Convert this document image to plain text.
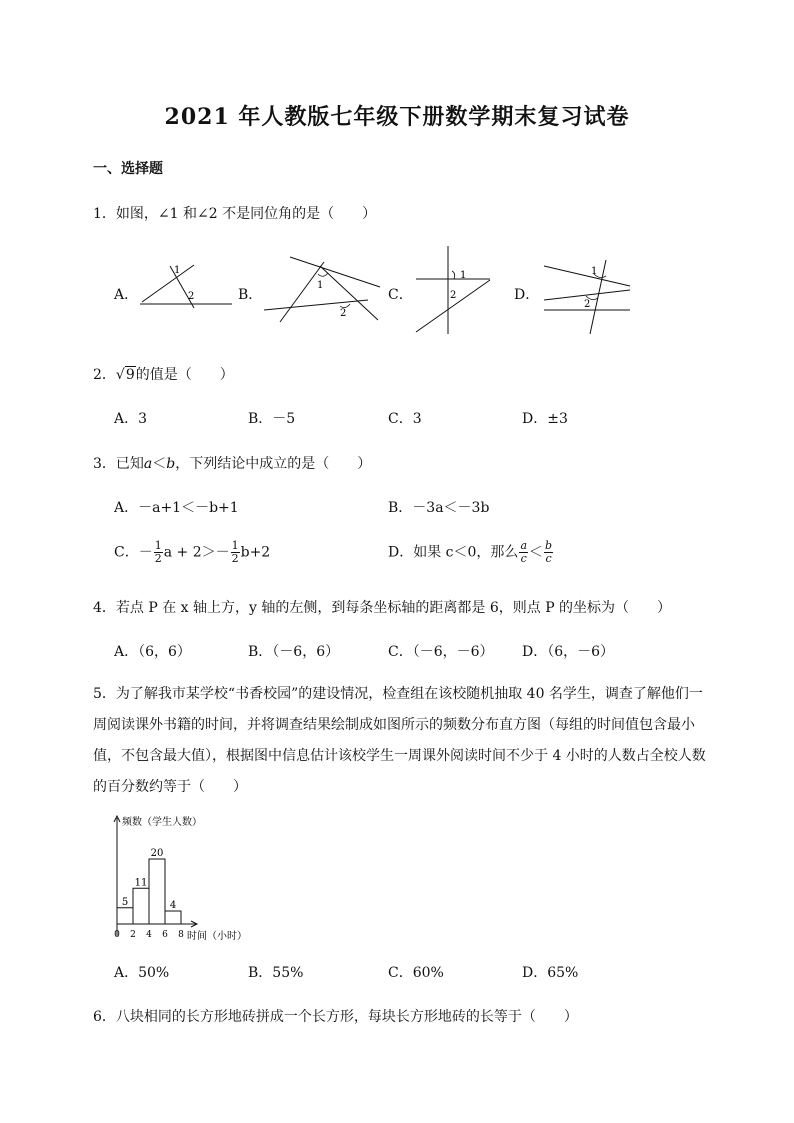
2021 年人教版七年级下册数学期末复习试卷
一、选择题
1．如图，∠1 和∠2 不是同位角的是（　　）
A．
1
2	B．
1
2
C．
1
2	D．
1
2
2．√9的值是（　　）
A．3	B．－5	C．3	D．±3
3．已知a＜b，下列结论中成立的是（　　）
A．－a+1＜－b+1	B．－3a＜－3b
C．－ $\frac{1}{2}$ $a + 2>- \frac{1}{2} b+2$	D．如果 c＜0，那么 $\frac{a}{c} < \frac{b}{c}$
4．若点 P 在 x 轴上方，y 轴的左侧，到每条坐标轴的距离都是 6，则点 P 的坐标为（　　）
A．（6，6）	B．（－6，6）	C．（－6，－6） D．（6，－6）
5．为了解我市某学校“书香校园”的建设情况，检查组在该校随机抽取 40 名学生，调查了解他们一周阅读课外书籍的时间，并将调查结果绘制成如图所示的频数分布直方图（每组的时间值包含最小值，不包含最大值），根据图中信息估计该校学生一周课外阅读时间不少于 4 小时的人数占全校人数的百分数约等于（　　）
5
11
20
4
频数（学生人数）
时间（小时）
0 2 4 6 8
A．50%	B．55%	C．60%	D．65%
6．八块相同的长方形地砖拼成一个长方形，每块长方形地砖的长等于（　　）
